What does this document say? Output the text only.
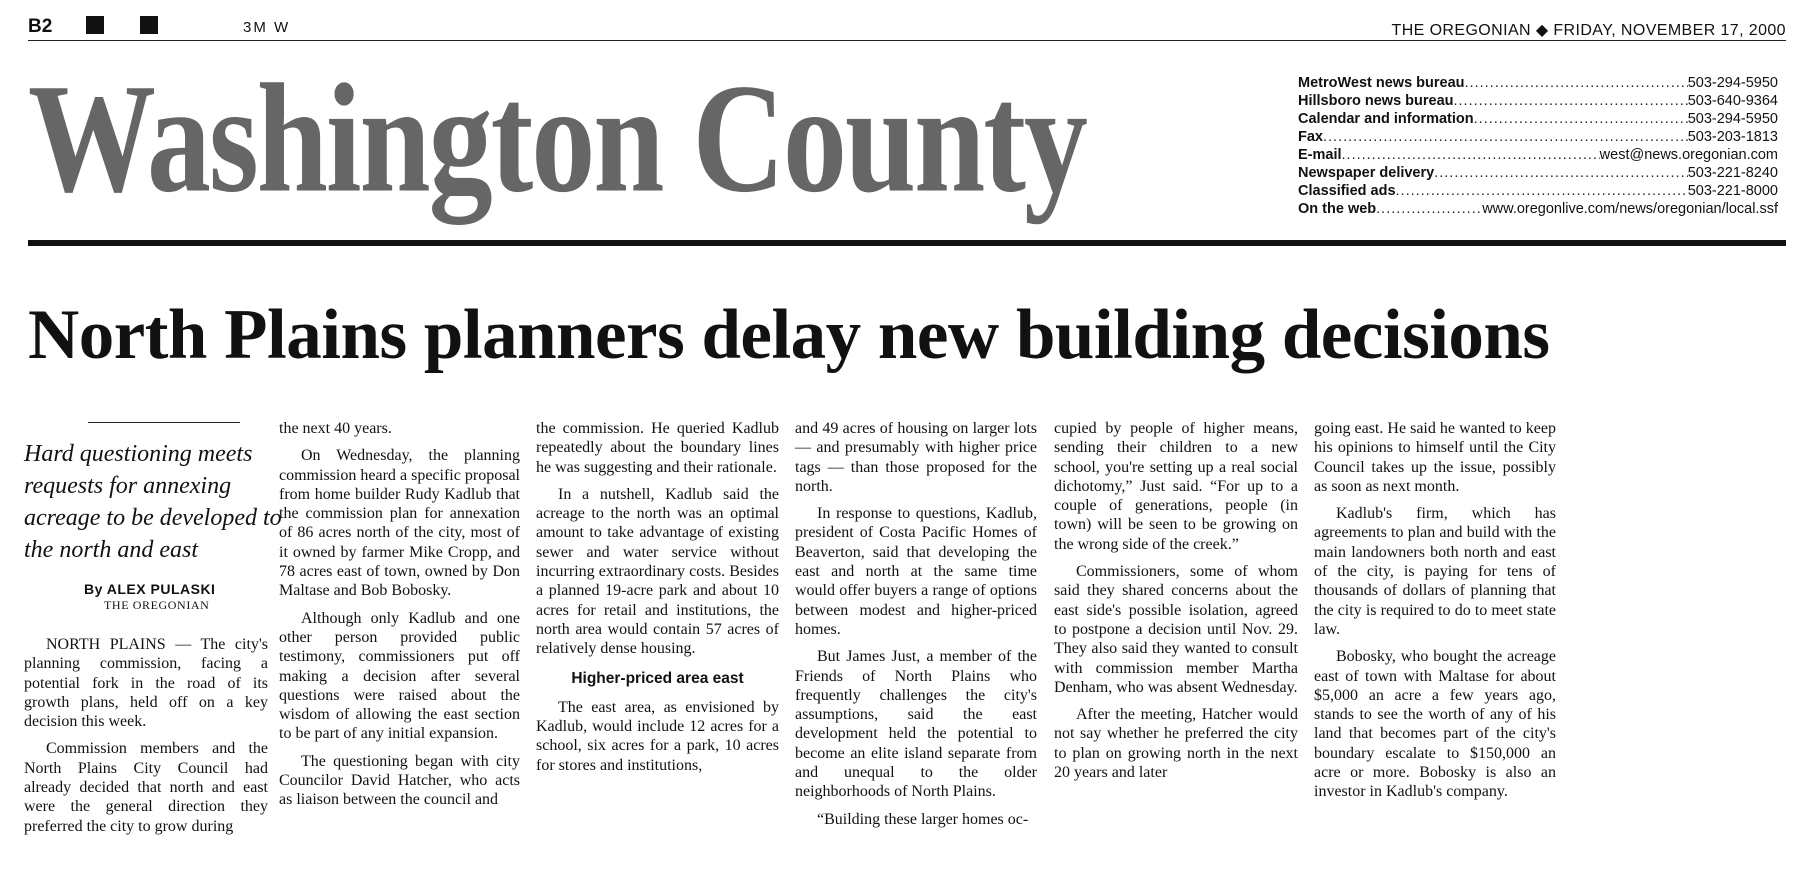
B2	3M W	THE OREGONIAN ◆ FRIDAY, NOVEMBER 17, 2000
Washington County	MetroWest news bureau .....	503-294-5950
Hillsboro news bureau .....	503-640-9364
Calendar and information .....	503-294-5950
Fax .....	503-203-1813
E-mail .....	west@news.oregonian.com
Newspaper delivery .....	503-221-8240
Classified ads .....	503-221-8000
On the web .....	www.oregonlive.com/news/oregonian/local.ssf
North Plains planners delay new building decisions
Hard questioning meets requests for annexing acreage to be developed to the north and east
By ALEX PULASKI
THE OREGONIAN

NORTH PLAINS — The city's planning commission, facing a potential fork in the road of its growth plans, held off on a key decision this week.

Commission members and the North Plains City Council had already decided that north and east were the general direction they preferred the city to grow during

the next 40 years.

On Wednesday, the planning commission heard a specific proposal from home builder Rudy Kadlub that the commission plan for annexation of 86 acres north of the city, most of it owned by farmer Mike Cropp, and 78 acres east of town, owned by Don Maltase and Bob Bobosky.

Although only Kadlub and one other person provided public testimony, commissioners put off making a decision after several questions were raised about the wisdom of allowing the east section to be part of any initial expansion.

The questioning began with city Councilor David Hatcher, who acts as liaison between the council and

the commission. He queried Kadlub repeatedly about the boundary lines he was suggesting and their rationale.

In a nutshell, Kadlub said the acreage to the north was an optimal amount to take advantage of existing sewer and water service without incurring extraordinary costs. Besides a planned 19-acre park and about 10 acres for retail and institutions, the north area would contain 57 acres of relatively dense housing.

Higher-priced area east

The east area, as envisioned by Kadlub, would include 12 acres for a school, six acres for a park, 10 acres for stores and institutions,

and 49 acres of housing on larger lots — and presumably with higher price tags — than those proposed for the north.

In response to questions, Kadlub, president of Costa Pacific Homes of Beaverton, said that developing the east and north at the same time would offer buyers a range of options between modest and higher-priced homes.

But James Just, a member of the Friends of North Plains who frequently challenges the city's assumptions, said the east development held the potential to become an elite island separate from and unequal to the older neighborhoods of North Plains.

“Building these larger homes oc-

cupied by people of higher means, sending their children to a new school, you're setting up a real social dichotomy,” Just said. “For up to a couple of generations, people (in town) will be seen to be growing on the wrong side of the creek.”

Commissioners, some of whom said they shared concerns about the east side's possible isolation, agreed to postpone a decision until Nov. 29. They also said they wanted to consult with commission member Martha Denham, who was absent Wednesday.

After the meeting, Hatcher would not say whether he preferred the city to plan on growing north in the next 20 years and later

going east. He said he wanted to keep his opinions to himself until the City Council takes up the issue, possibly as soon as next month.

Kadlub's firm, which has agreements to plan and build with the main landowners both north and east of the city, is paying for tens of thousands of dollars of planning that the city is required to do to meet state law.

Bobosky, who bought the acreage east of town with Maltase for about $5,000 an acre a few years ago, stands to see the worth of any of his land that becomes part of the city's boundary escalate to $150,000 an acre or more. Bobosky is also an investor in Kadlub's company.
